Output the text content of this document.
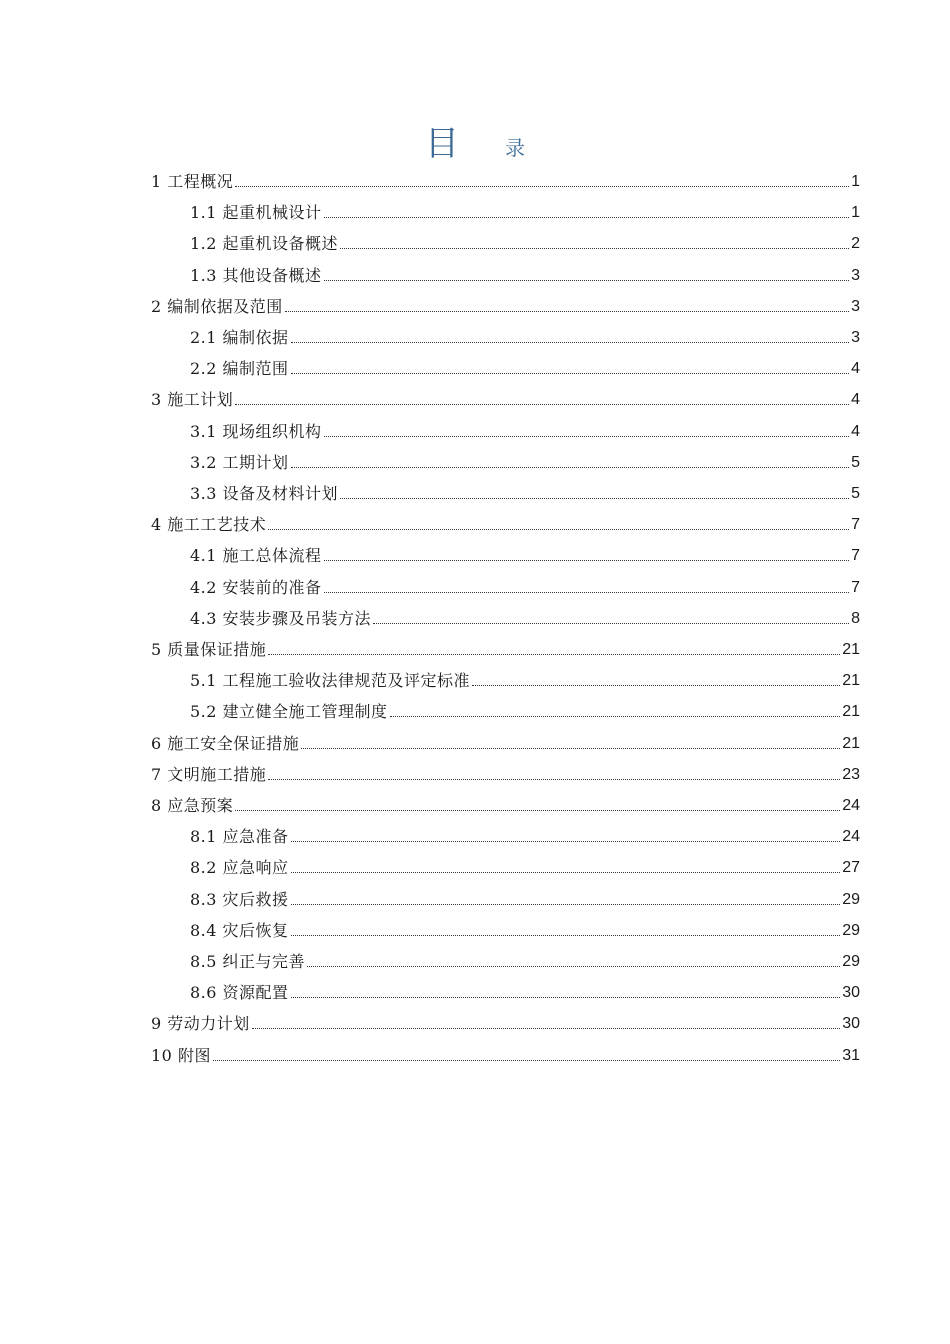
目 录
1 工程概况	1
1.1 起重机械设计	1
1.2 起重机设备概述	2
1.3 其他设备概述	3
2 编制依据及范围	3
2.1 编制依据	3
2.2 编制范围	4
3 施工计划	4
3.1 现场组织机构	4
3.2 工期计划	5
3.3 设备及材料计划	5
4 施工工艺技术	7
4.1 施工总体流程	7
4.2 安装前的准备	7
4.3 安装步骤及吊装方法	8
5 质量保证措施	21
5.1 工程施工验收法律规范及评定标准	21
5.2 建立健全施工管理制度	21
6 施工安全保证措施	21
7 文明施工措施	23
8 应急预案	24
8.1 应急准备	24
8.2 应急响应	27
8.3 灾后救援	29
8.4 灾后恢复	29
8.5 纠正与完善	29
8.6 资源配置	30
9 劳动力计划	30
10 附图	31
